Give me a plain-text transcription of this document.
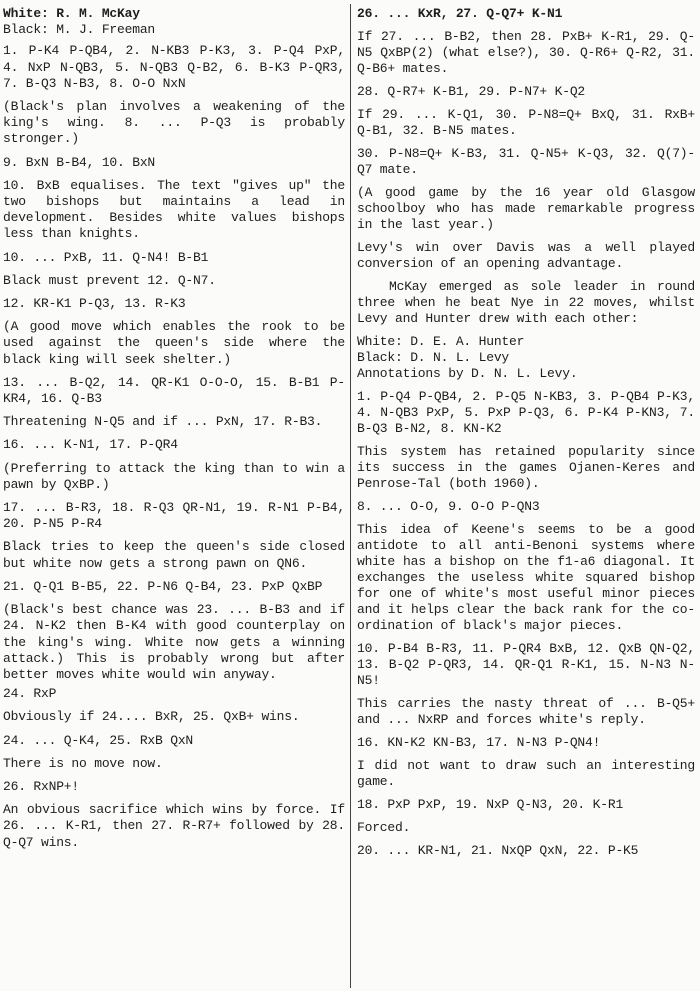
White: R. M. McKay

Black: M. J. Freeman

1. P-K4 P-QB4, 2. N-KB3 P-K3, 3. P-Q4 PxP, 4. NxP N-QB3, 5. N-QB3 Q-B2, 6. B-K3 P-QR3, 7. B-Q3 N-B3, 8. O-O NxN

(Black's plan involves a weakening of the king's wing. 8. ... P-Q3 is probably stronger.)

9. BxN B-B4, 10. BxN

10. BxB equalises. The text "gives up" the two bishops but maintains a lead in development. Besides white values bishops less than knights.

10. ... PxB, 11. Q-N4! B-B1

Black must prevent 12. Q-N7.

12. KR-K1 P-Q3, 13. R-K3

(A good move which enables the rook to be used against the queen's side where the black king will seek shelter.)

13. ... B-Q2, 14. QR-K1 O-O-O, 15. B-B1 P-KR4, 16. Q-B3

Threatening N-Q5 and if ... PxN, 17. R-B3.

16. ... K-N1, 17. P-QR4

(Preferring to attack the king than to win a pawn by QxBP.)

17. ... B-R3, 18. R-Q3 QR-N1, 19. R-N1 P-B4, 20. P-N5 P-R4

Black tries to keep the queen's side closed but white now gets a strong pawn on QN6.

21. Q-Q1 B-B5, 22. P-N6 Q-B4, 23. PxP QxBP

(Black's best chance was 23. ... B-B3 and if 24. N-K2 then B-K4 with good counterplay on the king's wing. White now gets a winning attack.) This is probably wrong but after better moves white would win anyway.

24. RxP

Obviously if 24.... BxR, 25. QxB+ wins.

24. ... Q-K4, 25. RxB QxN

There is no move now.

26. RxNP+!

An obvious sacrifice which wins by force. If 26. ... K-R1, then 27. R-R7+ followed by 28. Q-Q7 wins.

26. ... KxR, 27. Q-Q7+ K-N1

If 27. ... B-B2, then 28. PxB+ K-R1, 29. Q-N5 QxBP(2) (what else?), 30. Q-R6+ Q-R2, 31. Q-B6+ mates.

28. Q-R7+ K-B1, 29. P-N7+ K-Q2

If 29. ... K-Q1, 30. P-N8=Q+ BxQ, 31. RxB+ Q-B1, 32. B-N5 mates.

30. P-N8=Q+ K-B3, 31. Q-N5+ K-Q3, 32. Q(7)-Q7 mate.

(A good game by the 16 year old Glasgow schoolboy who has made remarkable progress in the last year.)

Levy's win over Davis was a well played conversion of an opening advantage.

McKay emerged as sole leader in round three when he beat Nye in 22 moves, whilst Levy and Hunter drew with each other:

White: D. E. A. Hunter

Black: D. N. L. Levy

Annotations by D. N. L. Levy.

1. P-Q4 P-QB4, 2. P-Q5 N-KB3, 3. P-QB4 P-K3, 4. N-QB3 PxP, 5. PxP P-Q3, 6. P-K4 P-KN3, 7. B-Q3 B-N2, 8. KN-K2

This system has retained popularity since its success in the games Ojanen-Keres and Penrose-Tal (both 1960).

8. ... O-O, 9. O-O P-QN3

This idea of Keene's seems to be a good antidote to all anti-Benoni systems where white has a bishop on the f1-a6 diagonal. It exchanges the useless white squared bishop for one of white's most useful minor pieces and it helps clear the back rank for the co-ordination of black's major pieces.

10. P-B4 B-R3, 11. P-QR4 BxB, 12. QxB QN-Q2, 13. B-Q2 P-QR3, 14. QR-Q1 R-K1, 15. N-N3 N-N5!

This carries the nasty threat of ... B-Q5+ and ... NxRP and forces white's reply.

16. KN-K2 KN-B3, 17. N-N3 P-QN4!

I did not want to draw such an interesting game.

18. PxP PxP, 19. NxP Q-N3, 20. K-R1

Forced.

20. ... KR-N1, 21. NxQP QxN, 22. P-K5
